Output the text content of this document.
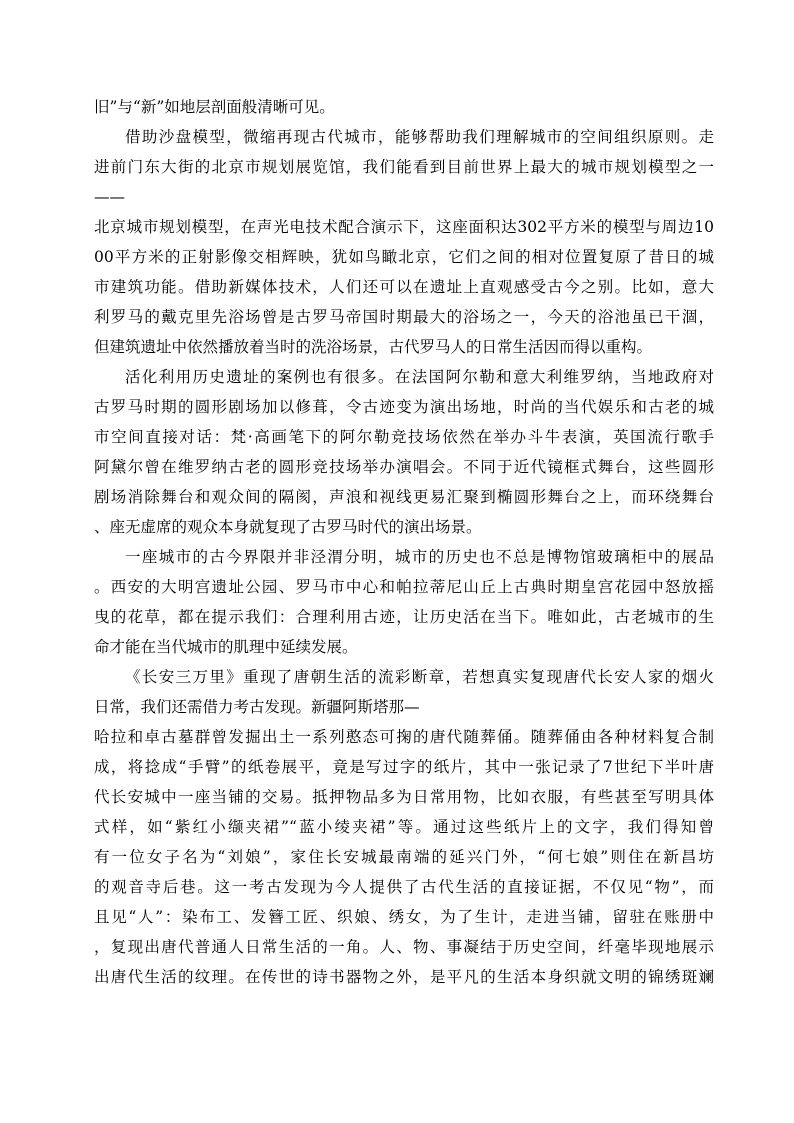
旧”与“新”如地层剖面般清晰可见。
借助沙盘模型，微缩再现古代城市，能够帮助我们理解城市的空间组织原则。走
进前门东大街的北京市规划展览馆，我们能看到目前世界上最大的城市规划模型之一
——
北京城市规划模型，在声光电技术配合演示下，这座面积达302平方米的模型与周边10
00平方米的正射影像交相辉映，犹如鸟瞰北京，它们之间的相对位置复原了昔日的城
市建筑功能。借助新媒体技术，人们还可以在遗址上直观感受古今之别。比如，意大
利罗马的戴克里先浴场曾是古罗马帝国时期最大的浴场之一，今天的浴池虽已干涸，
但建筑遗址中依然播放着当时的洗浴场景，古代罗马人的日常生活因而得以重构。
活化利用历史遗址的案例也有很多。在法国阿尔勒和意大利维罗纳，当地政府对
古罗马时期的圆形剧场加以修葺，令古迹变为演出场地，时尚的当代娱乐和古老的城
市空间直接对话：梵·高画笔下的阿尔勒竞技场依然在举办斗牛表演，英国流行歌手
阿黛尔曾在维罗纳古老的圆形竞技场举办演唱会。不同于近代镜框式舞台，这些圆形
剧场消除舞台和观众间的隔阂，声浪和视线更易汇聚到椭圆形舞台之上，而环绕舞台
、座无虚席的观众本身就复现了古罗马时代的演出场景。
一座城市的古今界限并非泾渭分明，城市的历史也不总是博物馆玻璃柜中的展品
。西安的大明宫遗址公园、罗马市中心和帕拉蒂尼山丘上古典时期皇宫花园中怒放摇
曳的花草，都在提示我们：合理利用古迹，让历史活在当下。唯如此，古老城市的生
命才能在当代城市的肌理中延续发展。
《长安三万里》重现了唐朝生活的流彩断章，若想真实复现唐代长安人家的烟火
日常，我们还需借力考古发现。新疆阿斯塔那—
哈拉和卓古墓群曾发掘出土一系列憨态可掬的唐代随葬俑。随葬俑由各种材料复合制
成，将捻成“手臂”的纸卷展平，竟是写过字的纸片，其中一张记录了7世纪下半叶唐
代长安城中一座当铺的交易。抵押物品多为日常用物，比如衣服，有些甚至写明具体
式样，如“紫红小缬夹裙”“蓝小绫夹裙”等。通过这些纸片上的文字，我们得知曾
有一位女子名为“刘娘”，家住长安城最南端的延兴门外，“何七娘”则住在新昌坊
的观音寺后巷。这一考古发现为今人提供了古代生活的直接证据，不仅见“物”，而
且见“人”：染布工、发簪工匠、织娘、绣女，为了生计，走进当铺，留驻在账册中
，复现出唐代普通人日常生活的一角。人、物、事凝结于历史空间，纤毫毕现地展示
出唐代生活的纹理。在传世的诗书器物之外，是平凡的生活本身织就文明的锦绣斑斓
